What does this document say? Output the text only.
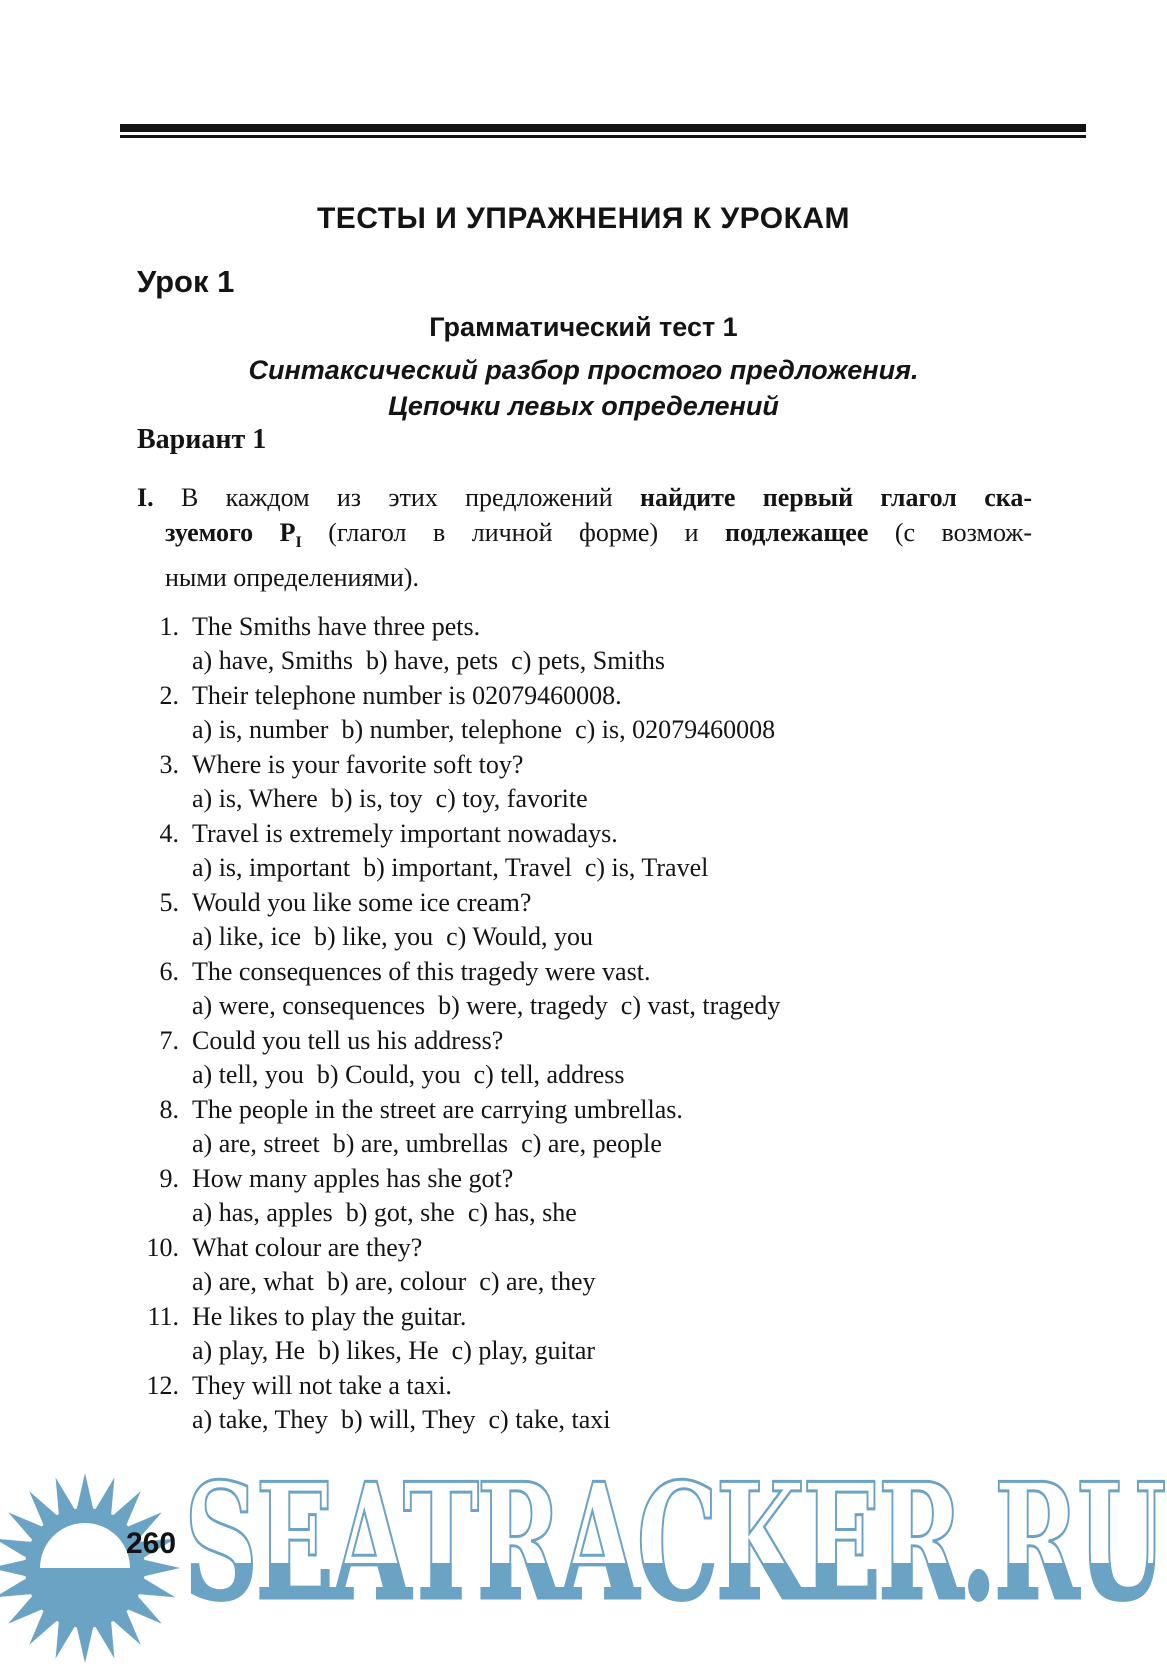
ТЕСТЫ И УПРАЖНЕНИЯ К УРОКАМ
Урок 1
Грамматический тест 1
Синтаксический разбор простого предложения.
Цепочки левых определений
Вариант 1
I. В каждом из этих предложений найдите первый глагол ска-
зуемого $Р_I$ (глагол в личной форме) и подлежащее (с возмож-
ными определениями).
1. The Smiths have three pets.
a) have, Smiths  b) have, pets  c) pets, Smiths
2. Their telephone number is 02079460008.
a) is, number  b) number, telephone  c) is, 02079460008
3. Where is your favorite soft toy?
a) is, Where  b) is, toy  c) toy, favorite
4. Travel is extremely important nowadays.
a) is, important  b) important, Travel  c) is, Travel
5. Would you like some ice cream?
a) like, ice  b) like, you  c) Would, you
6. The consequences of this tragedy were vast.
a) were, consequences  b) were, tragedy  c) vast, tragedy
7. Could you tell us his address?
a) tell, you  b) Could, you  c) tell, address
8. The people in the street are carrying umbrellas.
a) are, street  b) are, umbrellas  c) are, people
9. How many apples has she got?
a) has, apples  b) got, she  c) has, she
10. What colour are they?
a) are, what  b) are, colour  c) are, they
11. He likes to play the guitar.
a) play, He  b) likes, He  c) play, guitar
12. They will not take a taxi.
a) take, They  b) will, They  c) take, taxi
260 SEATRACKER.RU
